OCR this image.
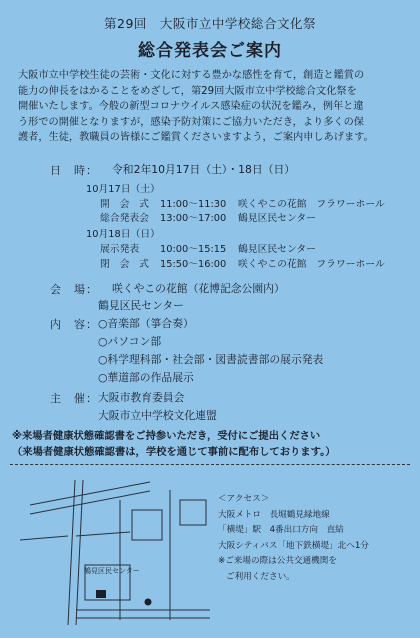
第29回　大阪市立中学校総合文化祭
総合発表会ご案内

大阪市立中学校生徒の芸術・文化に対する豊かな感性を育て，創造と鑑賞の

能力の伸長をはかることをめざして，第29回大阪市立中学校総合文化祭を

開催いたします。今般の新型コロナウイルス感染症の状況を鑑み，例年と違

う形での開催となりますが，感染予防対策にご協力いただき，より多くの保

護者，生徒，教職員の皆様にご鑑賞くださいますよう，ご案内申しあげます。

日　時： 令和2年10月17日（土）・18日（日）
10月17日（土）
開　会　式 11:00～11:30 咲くやこの花館　フラワーホール
総合発表会 13:00～17:00 鶴見区民センター
10月18日（日）
展示発表 10:00～15:15 鶴見区民センター
閉　会　式 15:50～16:00 咲くやこの花館　フラワーホール
会　場： 咲くやこの花館（花博記念公園内）
鶴見区民センター
内　容： ○音楽部（箏合奏）
○パソコン部
○科学理科部・社会部・図書読書部の展示発表
○華道部の作品展示
主　催： 大阪市教育委員会
大阪市立中学校文化連盟
※来場者健康状態確認書をご持参いただき，受付にご提出ください
（来場者健康状態確認書は，学校を通じて事前に配布しております。）
鶴見区民センター
＜アクセス＞
大阪メトロ　長堀鶴見緑地線
「横堤」駅　4番出口方向　直結
大阪シティバス「地下鉄横堤」北へ1分
※ご来場の際は公共交通機関を
ご利用ください。
